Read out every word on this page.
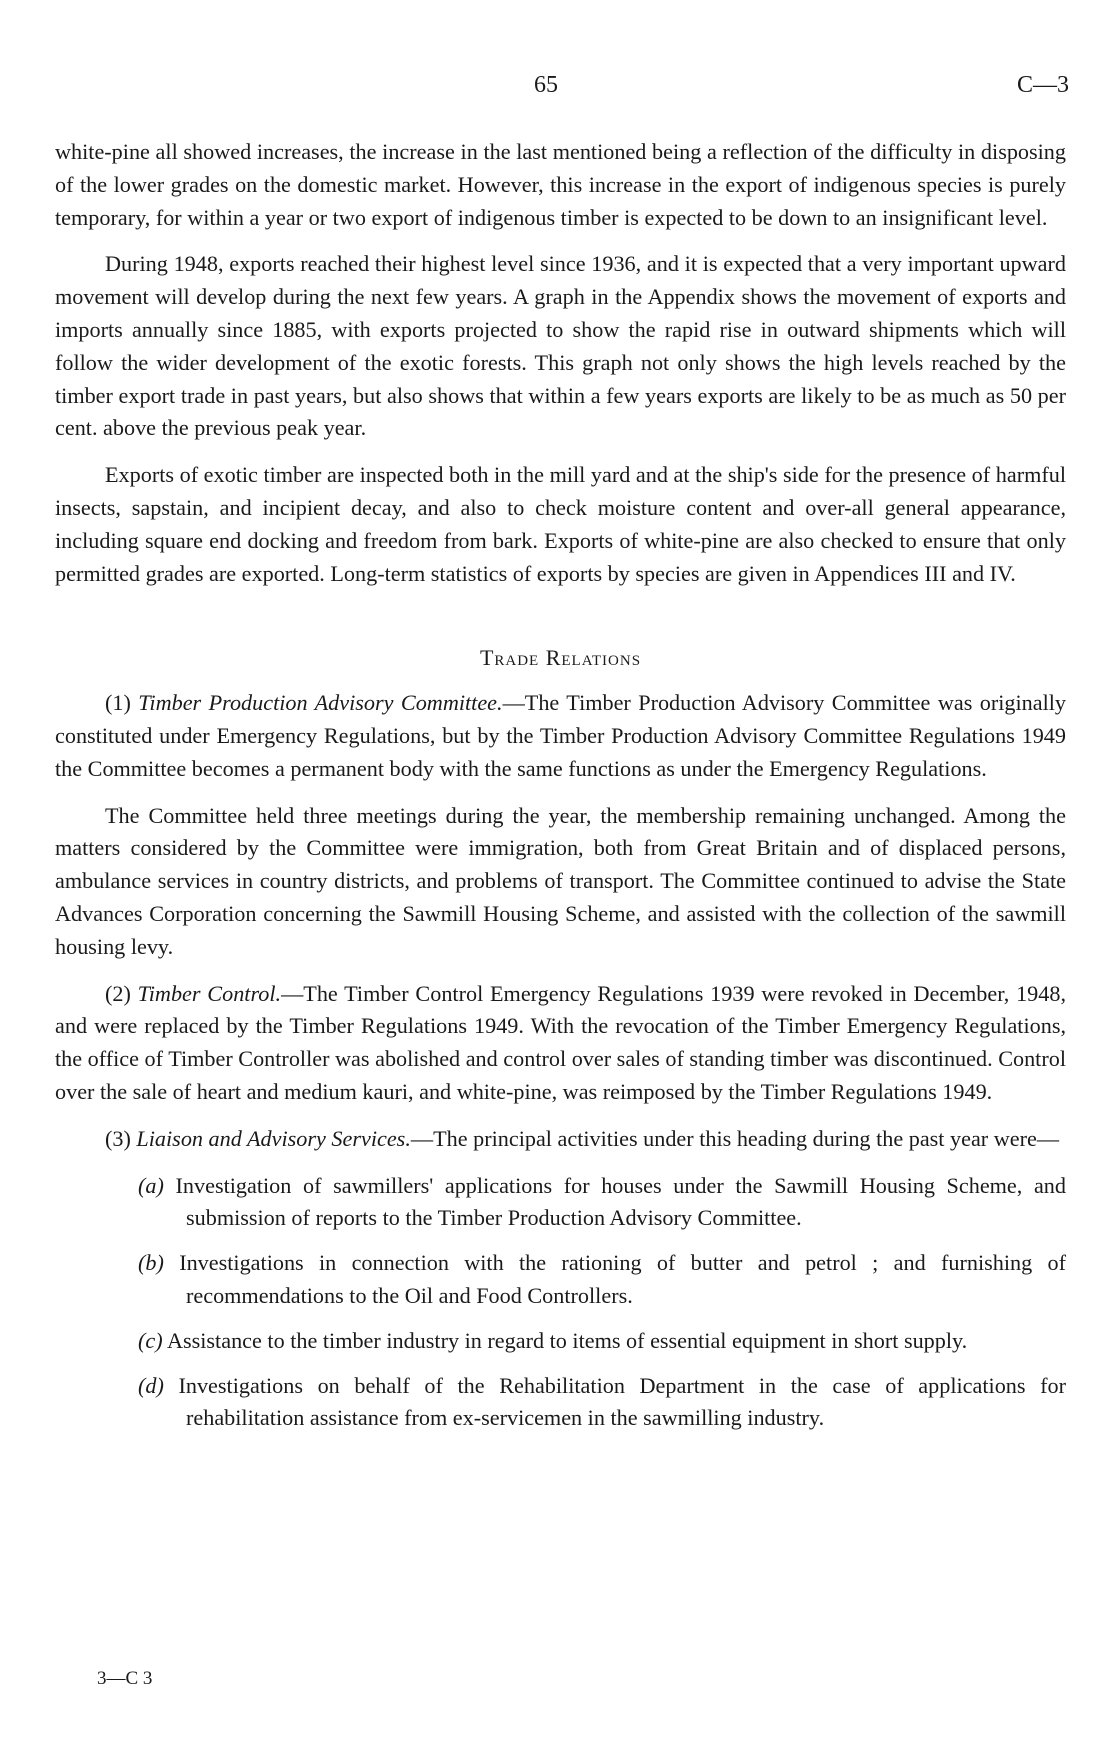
65	C—3

white-pine all showed increases, the increase in the last mentioned being a reflection of the difficulty in disposing of the lower grades on the domestic market. However, this increase in the export of indigenous species is purely temporary, for within a year or two export of indigenous timber is expected to be down to an insignificant level.

During 1948, exports reached their highest level since 1936, and it is expected that a very important upward movement will develop during the next few years. A graph in the Appendix shows the movement of exports and imports annually since 1885, with exports projected to show the rapid rise in outward shipments which will follow the wider development of the exotic forests. This graph not only shows the high levels reached by the timber export trade in past years, but also shows that within a few years exports are likely to be as much as 50 per cent. above the previous peak year.

Exports of exotic timber are inspected both in the mill yard and at the ship's side for the presence of harmful insects, sapstain, and incipient decay, and also to check moisture content and over-all general appearance, including square end docking and freedom from bark. Exports of white-pine are also checked to ensure that only permitted grades are exported. Long-term statistics of exports by species are given in Appendices III and IV.

Trade Relations

(1) Timber Production Advisory Committee.—The Timber Production Advisory Committee was originally constituted under Emergency Regulations, but by the Timber Production Advisory Committee Regulations 1949 the Committee becomes a permanent body with the same functions as under the Emergency Regulations.

The Committee held three meetings during the year, the membership remaining unchanged. Among the matters considered by the Committee were immigration, both from Great Britain and of displaced persons, ambulance services in country districts, and problems of transport. The Committee continued to advise the State Advances Corporation concerning the Sawmill Housing Scheme, and assisted with the collection of the sawmill housing levy.

(2) Timber Control.—The Timber Control Emergency Regulations 1939 were revoked in December, 1948, and were replaced by the Timber Regulations 1949. With the revocation of the Timber Emergency Regulations, the office of Timber Controller was abolished and control over sales of standing timber was discontinued. Control over the sale of heart and medium kauri, and white-pine, was reimposed by the Timber Regulations 1949.

(3) Liaison and Advisory Services.—The principal activities under this heading during the past year were—

(a) Investigation of sawmillers' applications for houses under the Sawmill Housing Scheme, and submission of reports to the Timber Production Advisory Committee.
(b) Investigations in connection with the rationing of butter and petrol ; and furnishing of recommendations to the Oil and Food Controllers.
(c) Assistance to the timber industry in regard to items of essential equipment in short supply.
(d) Investigations on behalf of the Rehabilitation Department in the case of applications for rehabilitation assistance from ex-servicemen in the sawmilling industry.
3—C 3
